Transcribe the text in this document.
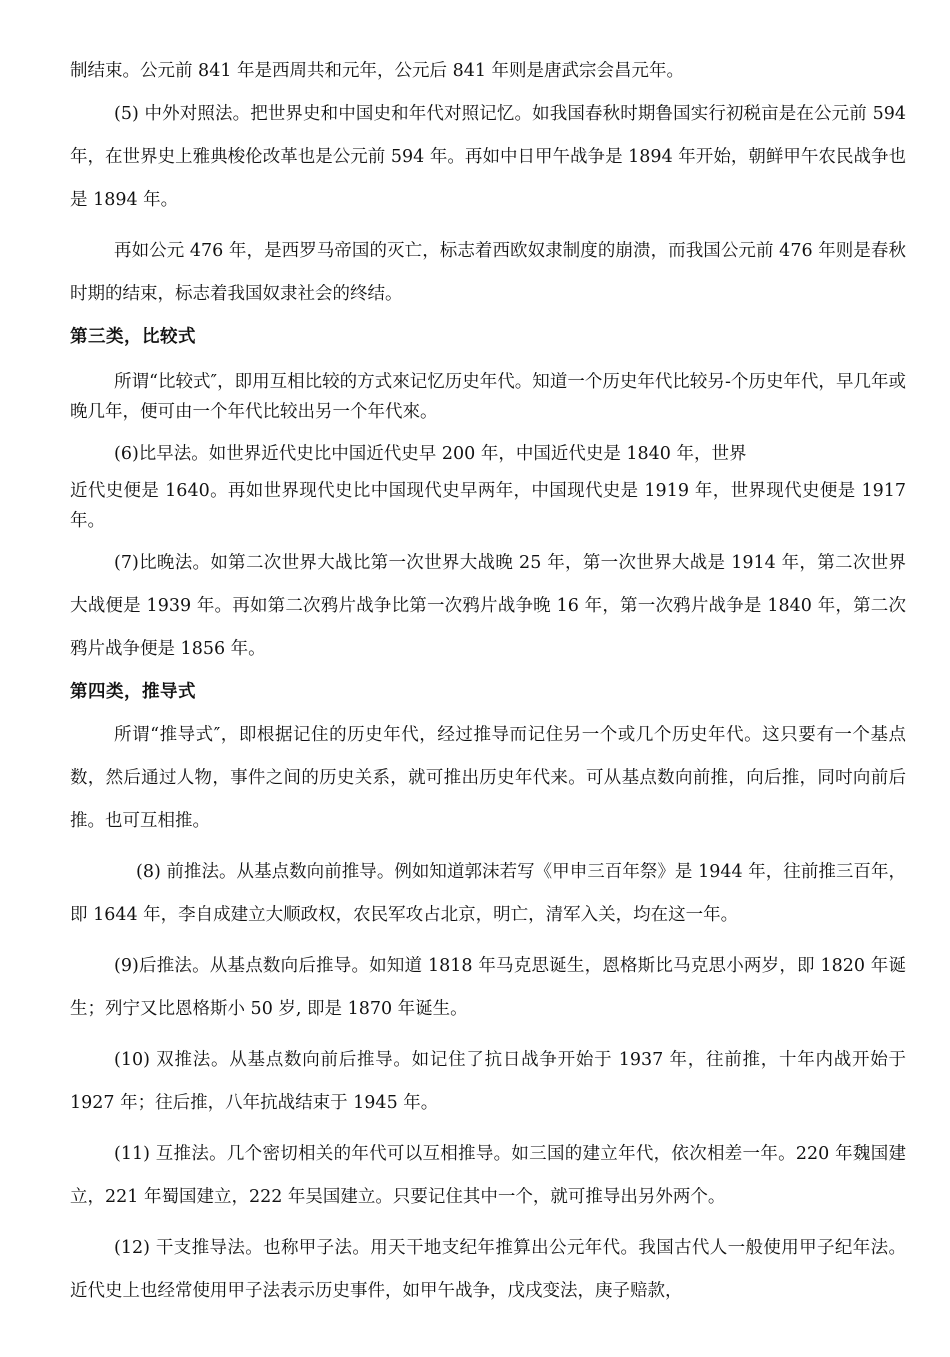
制结束。公元前 841 年是西周共和元年，公元后 841 年则是唐武宗会昌元年。

(5) 中外对照法。把世界史和中国史和年代对照记忆。如我国春秋时期鲁国实行初税亩是在公元前 594 年，在世界史上雅典梭伦改革也是公元前 594 年。再如中日甲午战争是 1894 年开始，朝鲜甲午农民战争也是 1894 年。

再如公元 476 年，是西罗马帝国的灭亡，标志着西欧奴隶制度的崩溃，而我国公元前 476 年则是春秋时期的结束，标志着我国奴隶社会的终结。

第三类，比较式

所谓“比较式″，即用互相比较的方式來记忆历史年代。知道一个历史年代比较另-个历史年代，早几年或晚几年，便可由一个年代比较出另一个年代來。

(6)比早法。如世界近代史比中国近代史早 200 年，中国近代史是 1840 年，世界

近代史便是 1640。再如世界现代史比中国现代史早两年，中国现代史是 1919 年，世界现代史便是 1917 年。

(7)比晚法。如第二次世界大战比第一次世界大战晚 25 年，第一次世界大战是 1914 年，第二次世界大战便是 1939 年。再如第二次鸦片战争比第一次鸦片战争晚 16 年，第一次鸦片战争是 1840 年，第二次鸦片战争便是 1856 年。

第四类，推导式

所谓“推导式″，即根据记住的历史年代，经过推导而记住另一个或几个历史年代。这只要有一个基点数，然后通过人物，事件之间的历史关系，就可推出历史年代来。可从基点数向前推，向后推，同吋向前后推。也可互相推。

(8) 前推法。从基点数向前推导。例如知道郭沫若写《甲申三百年祭》是 1944 年，往前推三百年，即 1644 年，李自成建立大顺政权，农民军攻占北京，明亡，清军入关，均在这一年。

(9)后推法。从基点数向后推导。如知道 1818 年马克思诞生，恩格斯比马克思小两岁，即 1820 年诞生；列宁又比恩格斯小 50 岁, 即是 1870 年诞生。

(10) 双推法。从基点数向前后推导。如记住了抗日战争开始于 1937 年，往前推，十年内战开始于 1927 年；往后推，八年抗战结束于 1945 年。

(11) 互推法。几个密切相关的年代可以互相推导。如三国的建立年代，依次相差一年。220 年魏国建立，221 年蜀国建立，222 年吴国建立。只要记住其中一个，就可推导出另外两个。

(12) 干支推导法。也称甲子法。用天干地支纪年推算出公元年代。我国古代人一般使用甲子纪年法。近代史上也经常使用甲子法表示历史事件，如甲午战争，戊戌变法，庚子赔款，
